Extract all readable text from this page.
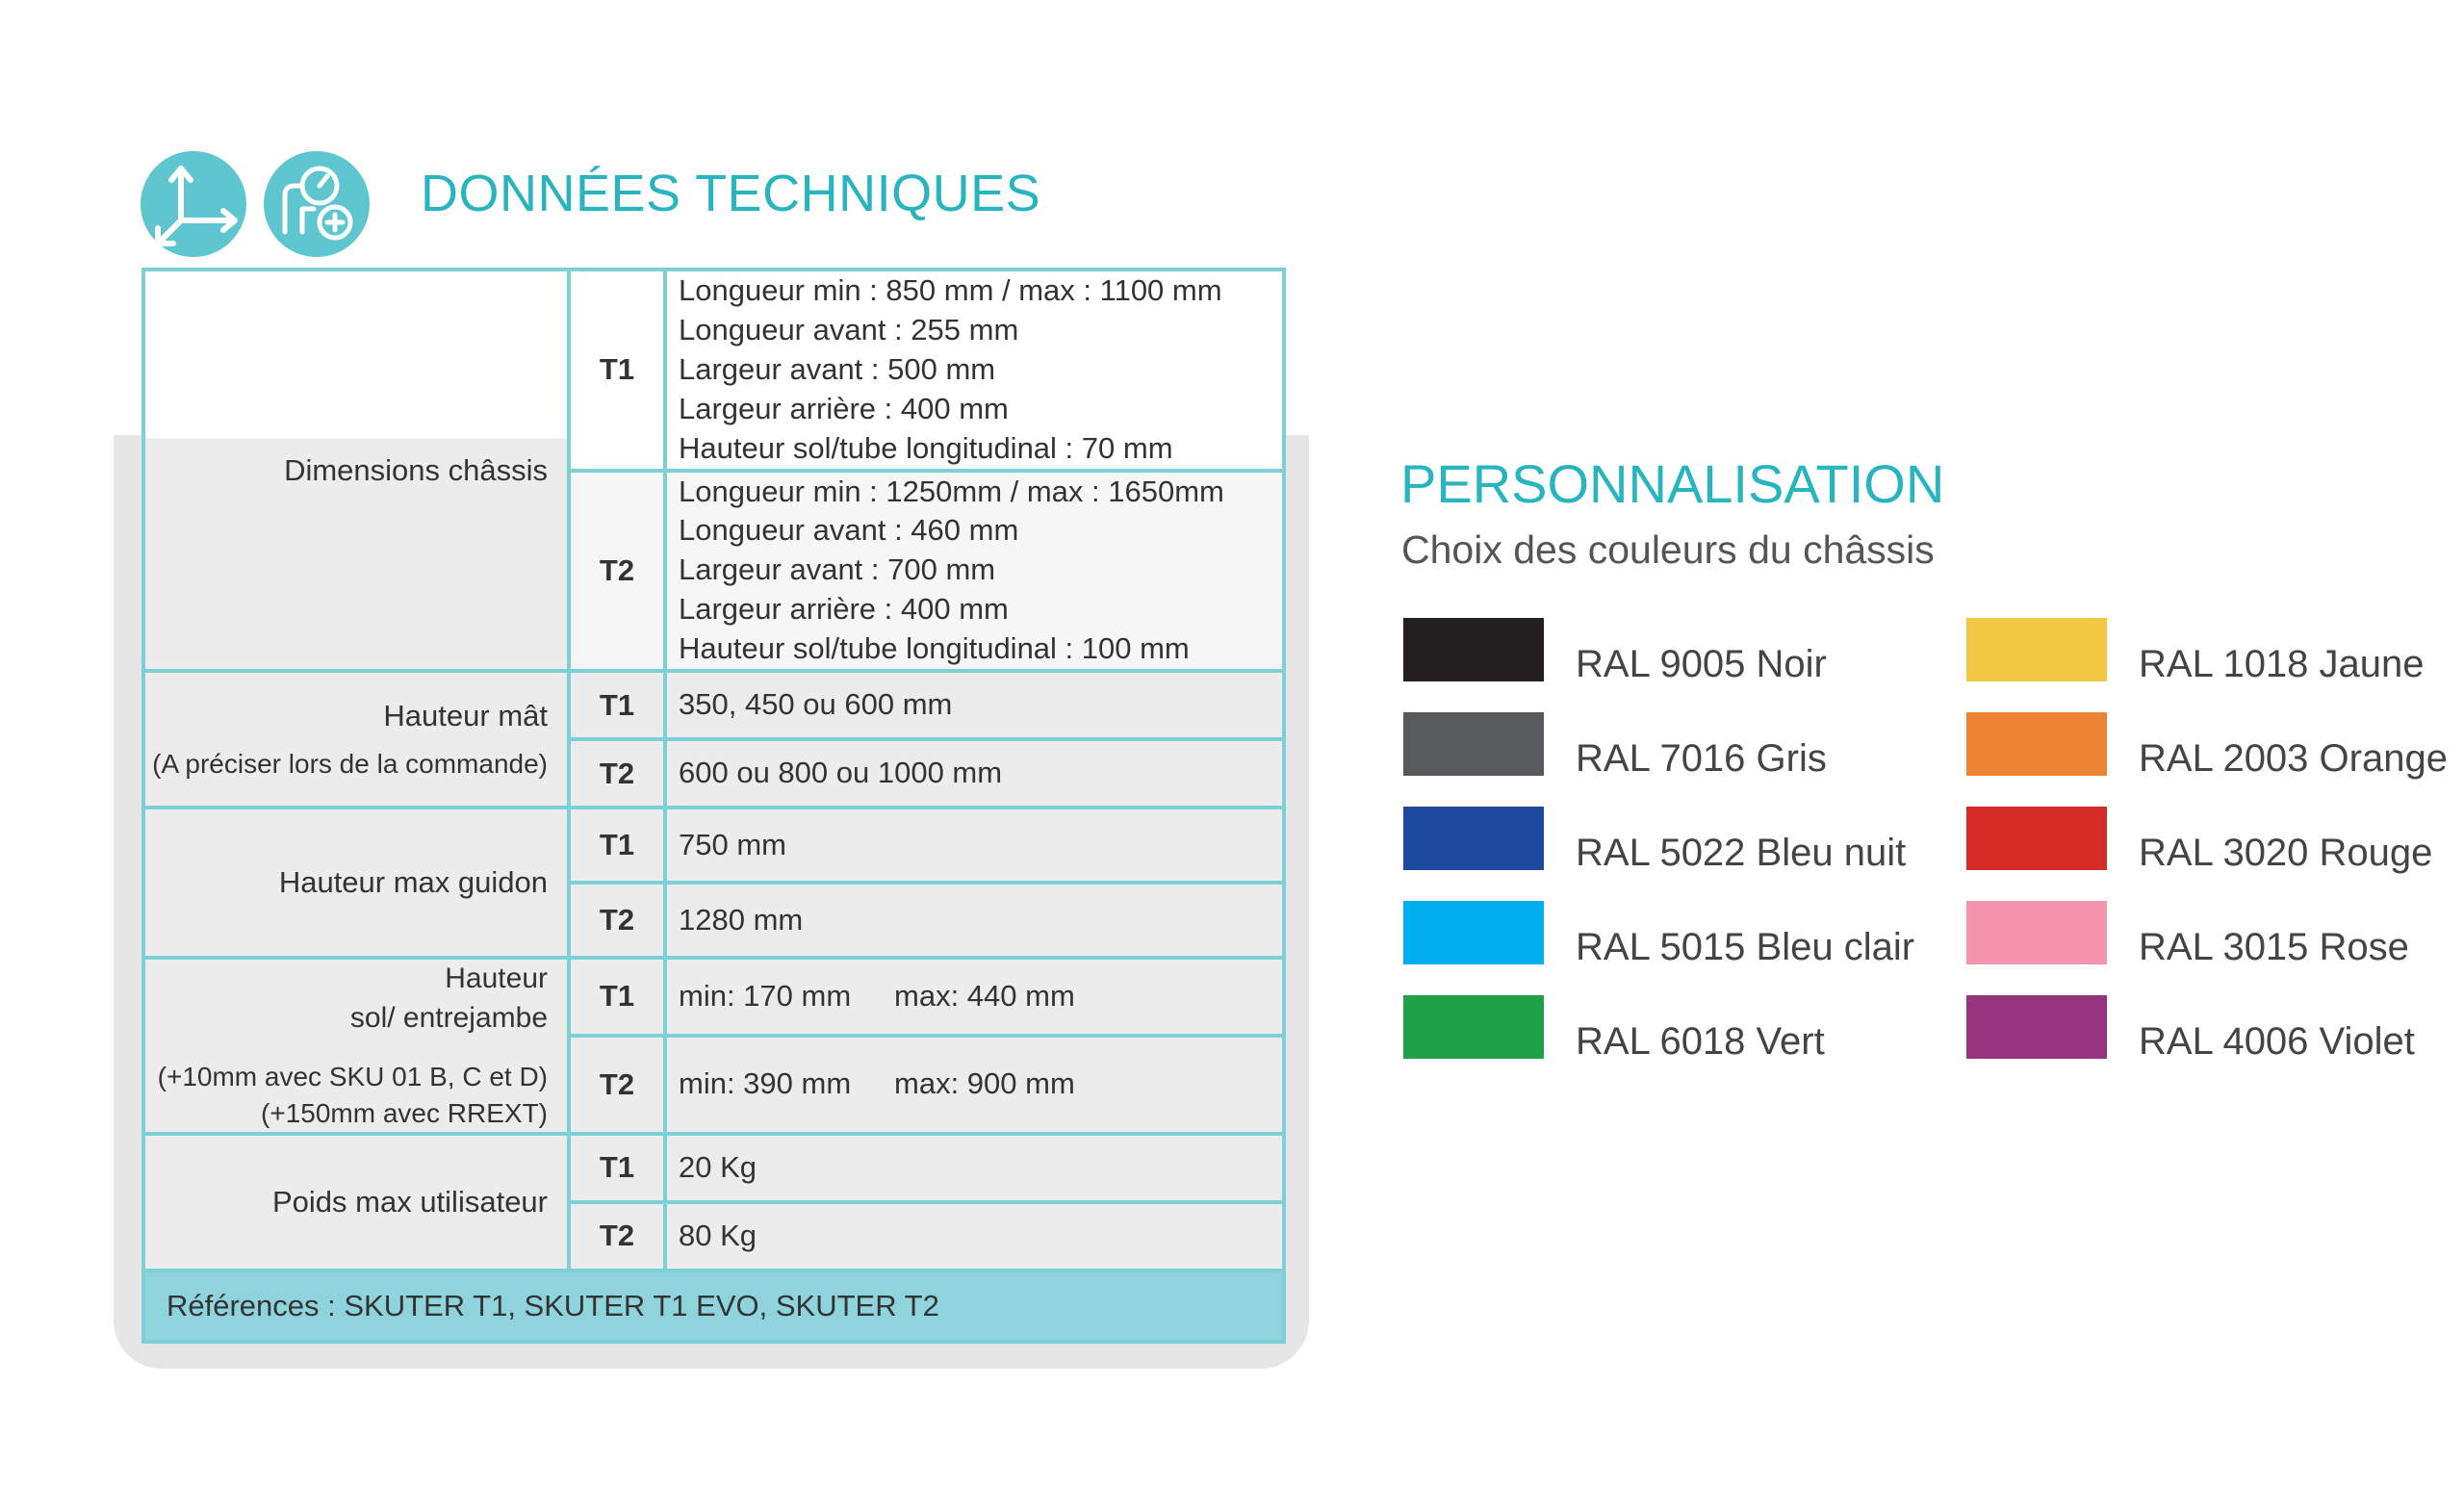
DONNÉES TECHNIQUES
Dimensions châssis	T1	Longueur min : 850 mm / max : 1100 mm
Longueur avant : 255 mm
Largeur avant : 500 mm
Largeur arrière : 400 mm
Hauteur sol/tube longitudinal : 70 mm

	T2	Longueur min : 1250mm / max : 1650mm
Longueur avant : 460 mm
Largeur avant : 700 mm
Largeur arrière : 400 mm
Hauteur sol/tube longitudinal : 100 mm

Hauteur mât
(A préciser lors de la commande)	T1	350, 450 ou 600 mm
	T2	600 ou 800 ou 1000 mm
Hauteur max guidon	T1	750 mm
	T2	1280 mm

Hauteur
sol/ entrejambe
(+10mm avec SKU 01 B, C et D)
(+150mm avec RREXT)	T1	min: 170 mm max: 440 mm
	T2	min: 390 mm max: 900 mm
Poids max utilisateur	T1	20 Kg
	T2	80 Kg
Références : SKUTER T1, SKUTER T1 EVO, SKUTER T2		
PERSONNALISATION
Choix des couleurs du châssis
RAL 9005 Noir
RAL 7016 Gris
RAL 5022 Bleu nuit
RAL 5015 Bleu clair
RAL 6018 Vert
RAL 1018 Jaune
RAL 2003 Orange
RAL 3020 Rouge
RAL 3015 Rose
RAL 4006 Violet
